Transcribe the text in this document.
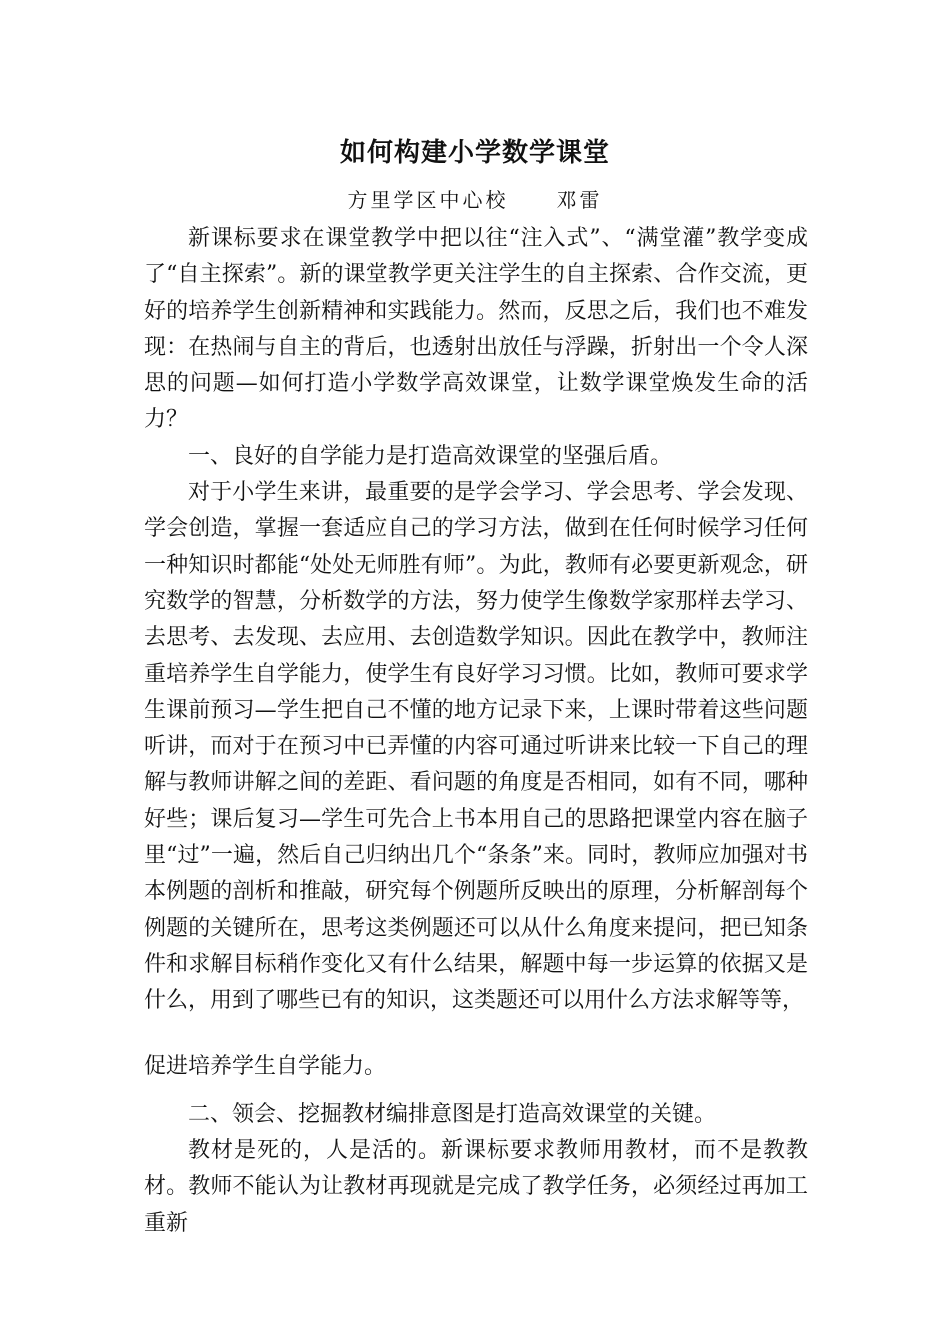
如何构建小学数学课堂

方里学区中心校 邓雷

新课标要求在课堂教学中把以往“注入式”、“满堂灌”教学变成了“自主探索”。新的课堂教学更关注学生的自主探索、合作交流，更好的培养学生创新精神和实践能力。然而，反思之后，我们也不难发现：在热闹与自主的背后，也透射出放任与浮躁，折射出一个令人深思的问题—如何打造小学数学高效课堂，让数学课堂焕发生命的活力？

一、良好的自学能力是打造高效课堂的坚强后盾。

对于小学生来讲，最重要的是学会学习、学会思考、学会发现、学会创造，掌握一套适应自己的学习方法，做到在任何时候学习任何一种知识时都能“处处无师胜有师”。为此，教师有必要更新观念，研究数学的智慧，分析数学的方法，努力使学生像数学家那样去学习、去思考、去发现、去应用、去创造数学知识。因此在教学中，教师注重培养学生自学能力，使学生有良好学习习惯。比如，教师可要求学生课前预习—学生把自己不懂的地方记录下来，上课时带着这些问题听讲，而对于在预习中已弄懂的内容可通过听讲来比较一下自己的理解与教师讲解之间的差距、看问题的角度是否相同，如有不同，哪种好些；课后复习—学生可先合上书本用自己的思路把课堂内容在脑子里“过”一遍，然后自己归纳出几个“条条”来。同时，教师应加强对书本例题的剖析和推敲，研究每个例题所反映出的原理，分析解剖每个例题的关键所在，思考这类例题还可以从什么角度来提问，把已知条件和求解目标稍作变化又有什么结果，解题中每一步运算的依据又是什么，用到了哪些已有的知识，这类题还可以用什么方法求解等等，

促进培养学生自学能力。

二、领会、挖掘教材编排意图是打造高效课堂的关键。

教材是死的，人是活的。新课标要求教师用教材，而不是教教材。教师不能认为让教材再现就是完成了教学任务，必须经过再加工重新
